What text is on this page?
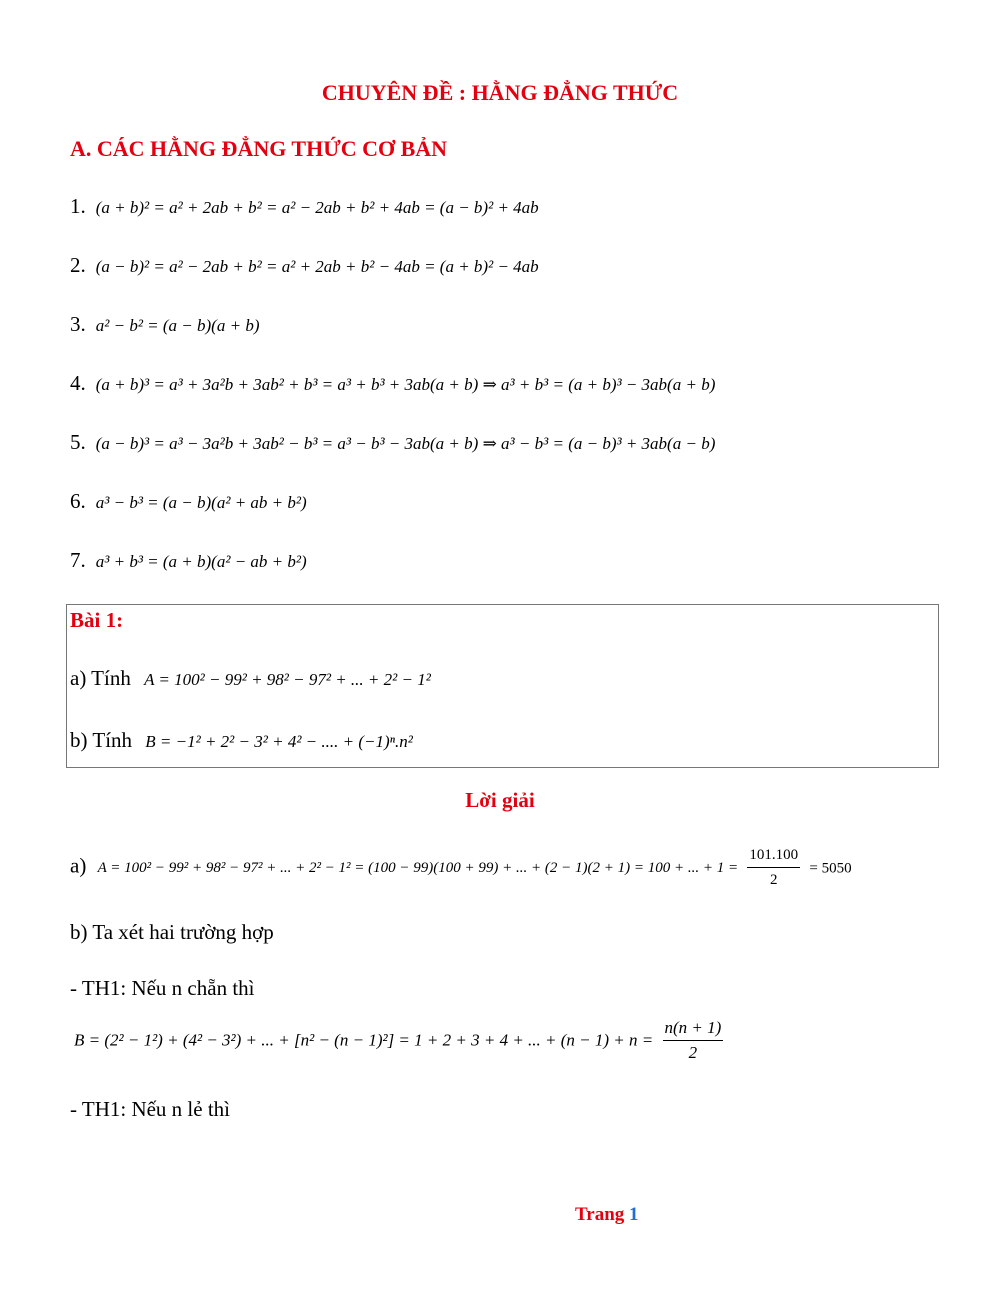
CHUYÊN ĐỀ : HẰNG ĐẲNG THỨC
A. CÁC HẰNG ĐẲNG THỨC CƠ BẢN
1. (a + b)² = a² + 2ab + b² = a² − 2ab + b² + 4ab = (a − b)² + 4ab
2. (a − b)² = a² − 2ab + b² = a² + 2ab + b² − 4ab = (a + b)² − 4ab
3. a² − b² = (a − b)(a + b)
4. (a + b)³ = a³ + 3a²b + 3ab² + b³ = a³ + b³ + 3ab(a + b) ⇒ a³ + b³ = (a + b)³ − 3ab(a + b)
5. (a − b)³ = a³ − 3a²b + 3ab² − b³ = a³ − b³ − 3ab(a + b) ⇒ a³ − b³ = (a − b)³ + 3ab(a − b)
6. a³ − b³ = (a − b)(a² + ab + b²)
7. a³ + b³ = (a + b)(a² − ab + b²)
Bài 1:
a) Tính A = 100² − 99² + 98² − 97² + ... + 2² − 1²
b) Tính B = −1² + 2² − 3² + 4² − .... + (−1)ⁿ.n²
Lời giải
a) A = 100² − 99² + 98² − 97² + ... + 2² − 1² = (100 − 99)(100 + 99) + ... + (2 − 1)(2 + 1) = 100 + ... + $1 = \frac{101.100}{2} = 5050$
b) Ta xét hai trường hợp
- TH1: Nếu n chẵn thì
B = (2² − 1²) + (4² − 3²) + ... + [n² − (n − 1)²] = 1 + 2 + 3 + 4 + ... + $(n - 1) + n = \frac{n(n + 1)}{2}$
- TH1: Nếu n lẻ thì
Trang 1
